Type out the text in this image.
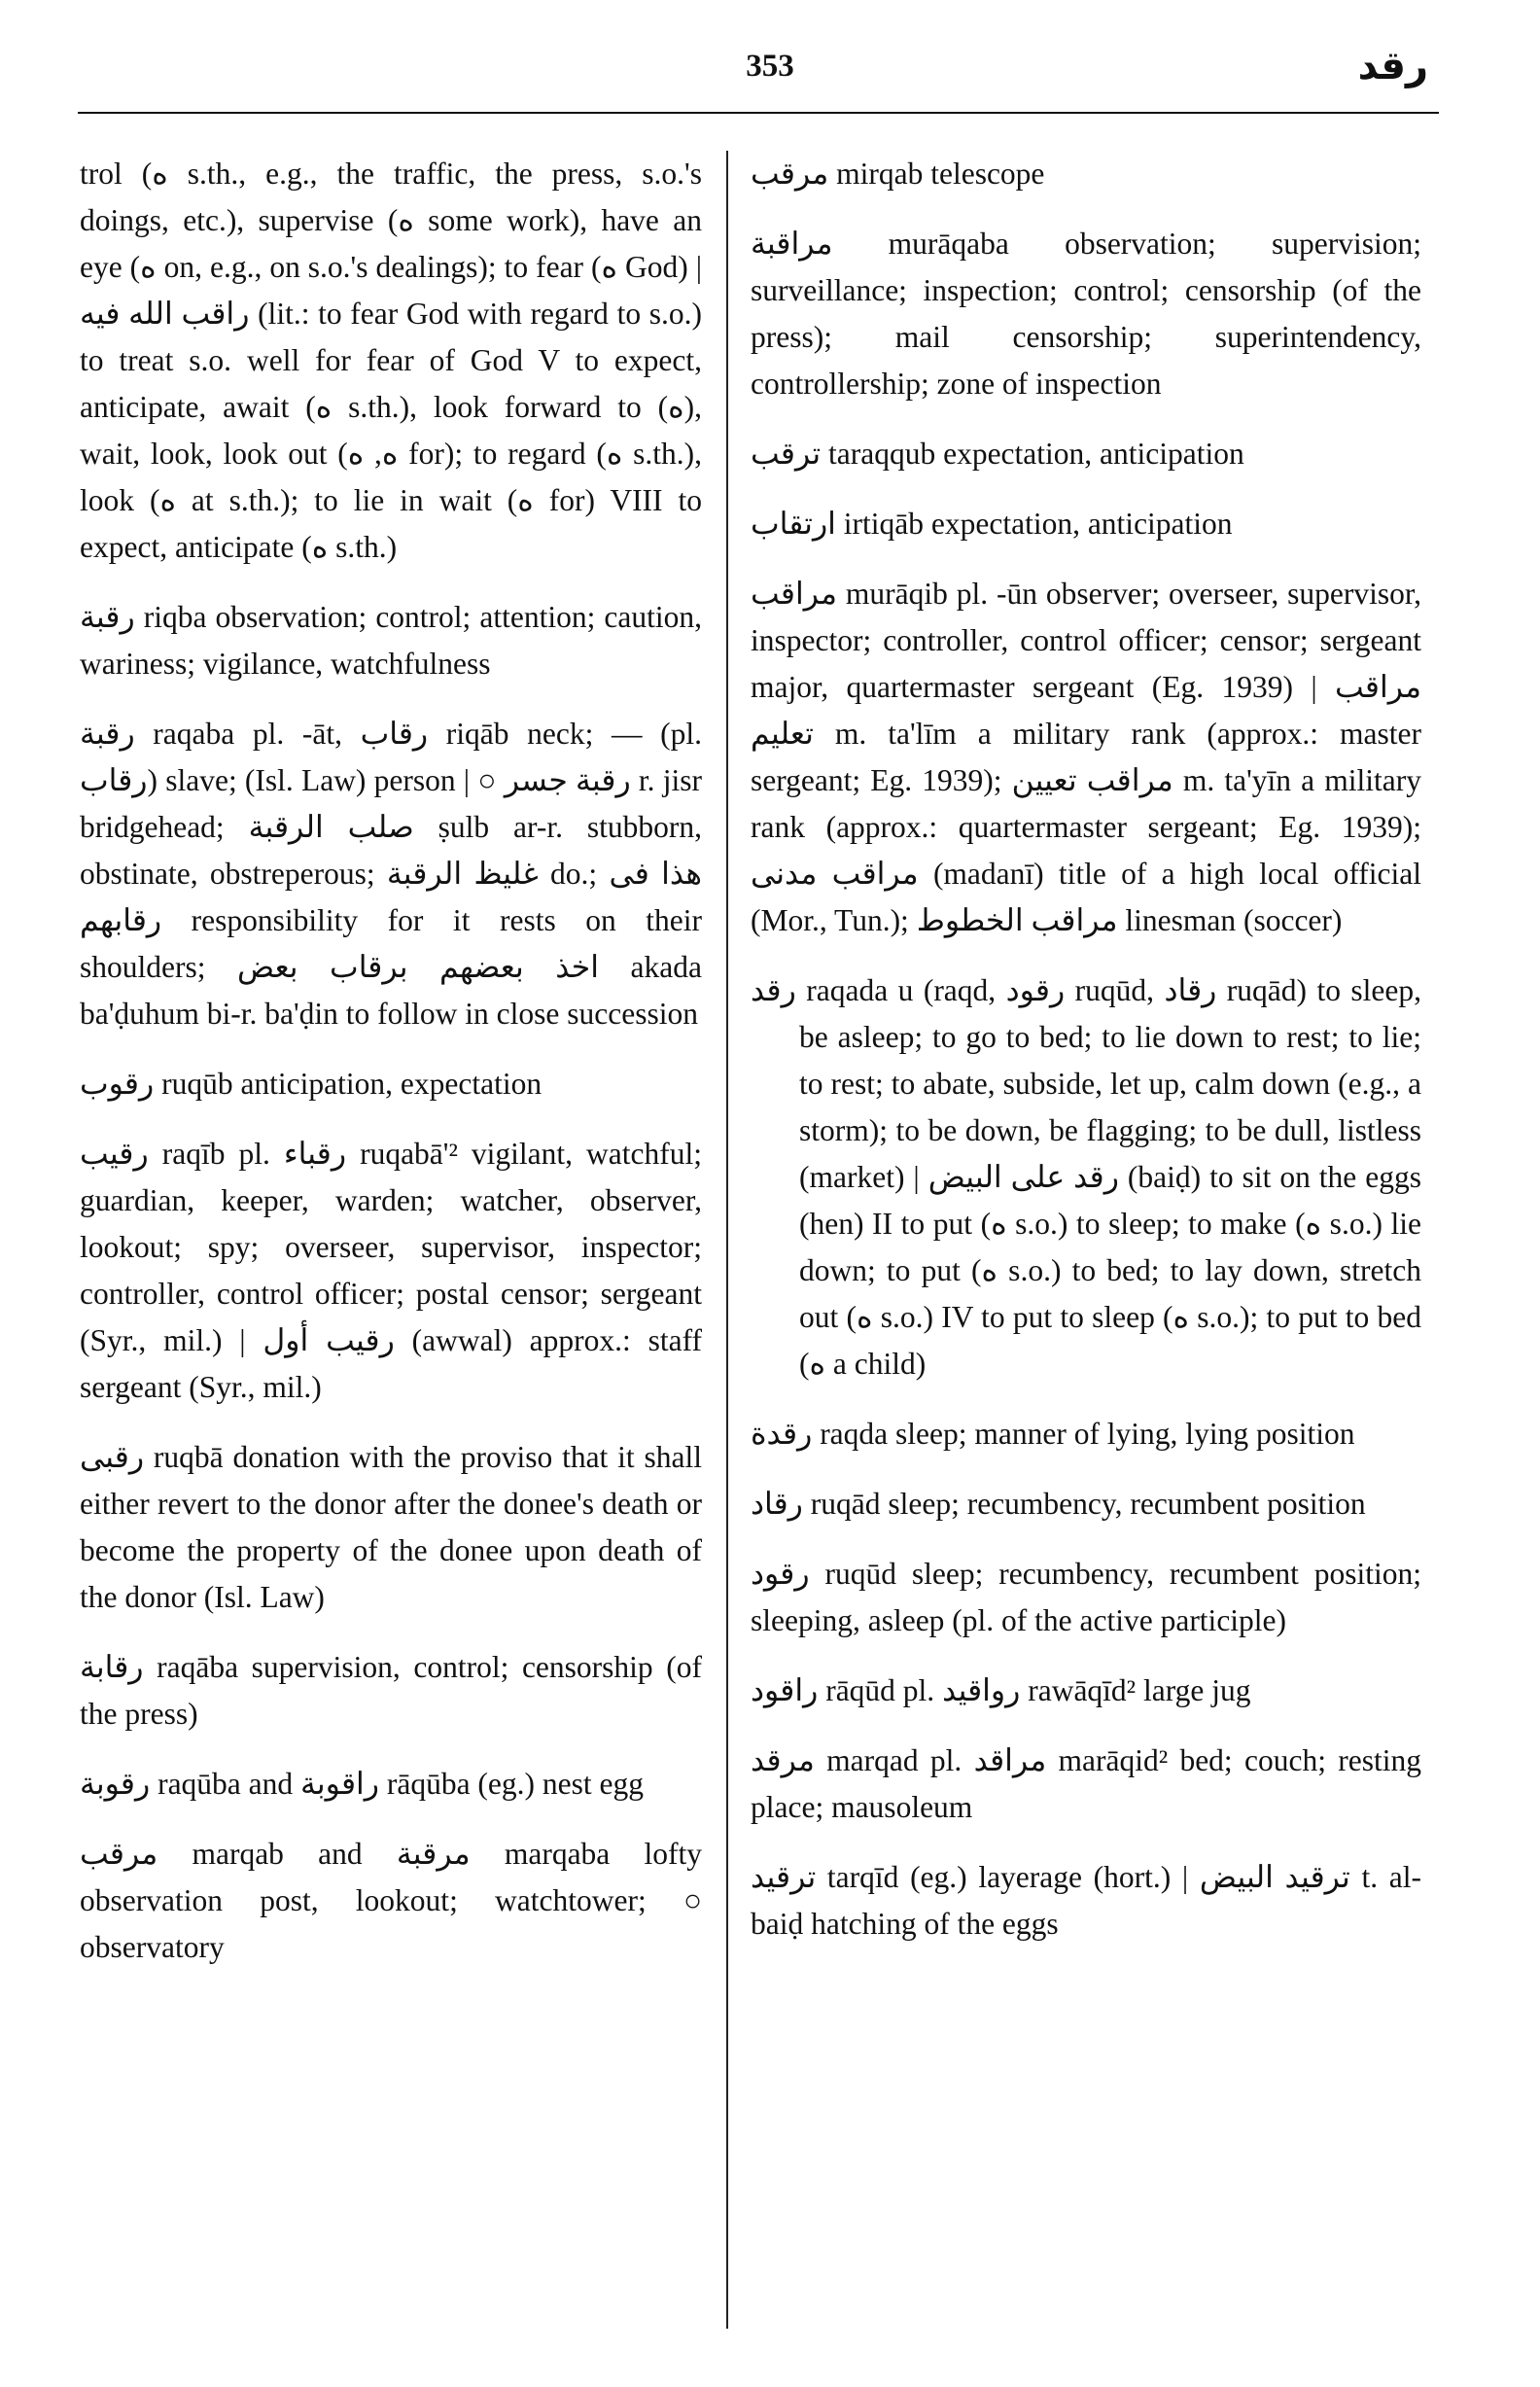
353	رقد

trol (ه s.th., e.g., the traffic, the press, s.o.'s doings, etc.), supervise (ه some work), have an eye (ه on, e.g., on s.o.'s dealings); to fear (ه God) | راقب الله فيه (lit.: to fear God with regard to s.o.) to treat s.o. well for fear of God V to expect, anticipate, await (ه s.th.), look forward to (ه), wait, look, look out (ه, ه for); to regard (ه s.th.), look (ه at s.th.); to lie in wait (ه for) VIII to expect, anticipate (ه s.th.)

رقبة riqba observation; control; attention; caution, wariness; vigilance, watchfulness

رقبة raqaba pl. -āt, رقاب riqāb neck; — (pl. رقاب) slave; (Isl. Law) person | ○ رقبة جسر r. jisr bridgehead; صلب الرقبة ṣulb ar-r. stubborn, obstinate, obstreperous; غليظ الرقبة do.; هذا فى رقابهم responsibility for it rests on their shoulders; اخذ بعضهم برقاب بعض akada ba'ḍuhum bi-r. ba'ḍin to follow in close succession

رقوب ruqūb anticipation, expectation

رقيب raqīb pl. رقباء ruqabā'² vigilant, watchful; guardian, keeper, warden; watcher, observer, lookout; spy; overseer, supervisor, inspector; controller, control officer; postal censor; sergeant (Syr., mil.) | رقيب أول (awwal) approx.: staff sergeant (Syr., mil.)

رقبى ruqbā donation with the proviso that it shall either revert to the donor after the donee's death or become the property of the donee upon death of the donor (Isl. Law)

رقابة raqāba supervision, control; censorship (of the press)

رقوبة raqūba and راقوبة rāqūba (eg.) nest egg

مرقب marqab and مرقبة marqaba lofty observation post, lookout; watchtower; ○ observatory

مرقب mirqab telescope

مراقبة murāqaba observation; supervision; surveillance; inspection; control; censorship (of the press); mail censorship; superintendency, controllership; zone of inspection

ترقب taraqqub expectation, anticipation

ارتقاب irtiqāb expectation, anticipation

مراقب murāqib pl. -ūn observer; overseer, supervisor, inspector; controller, control officer; censor; sergeant major, quartermaster sergeant (Eg. 1939) | مراقب تعليم m. ta'līm a military rank (approx.: master sergeant; Eg. 1939); مراقب تعيين m. ta'yīn a military rank (approx.: quartermaster sergeant; Eg. 1939); مراقب مدنى (madanī) title of a high local official (Mor., Tun.); مراقب الخطوط linesman (soccer)

رقد raqada u (raqd, رقود ruqūd, رقاد ruqād) to sleep, be asleep; to go to bed; to lie down to rest; to lie; to rest; to abate, subside, let up, calm down (e.g., a storm); to be down, be flagging; to be dull, listless (market) | رقد على البيض (baiḍ) to sit on the eggs (hen) II to put (ه s.o.) to sleep; to make (ه s.o.) lie down; to put (ه s.o.) to bed; to lay down, stretch out (ه s.o.) IV to put to sleep (ه s.o.); to put to bed (ه a child)

رقدة raqda sleep; manner of lying, lying position

رقاد ruqād sleep; recumbency, recumbent position

رقود ruqūd sleep; recumbency, recumbent position; sleeping, asleep (pl. of the active participle)

راقود rāqūd pl. رواقيد rawāqīd² large jug

مرقد marqad pl. مراقد marāqid² bed; couch; resting place; mausoleum

ترقيد tarqīd (eg.) layerage (hort.) | ترقيد البيض t. al-baiḍ hatching of the eggs
